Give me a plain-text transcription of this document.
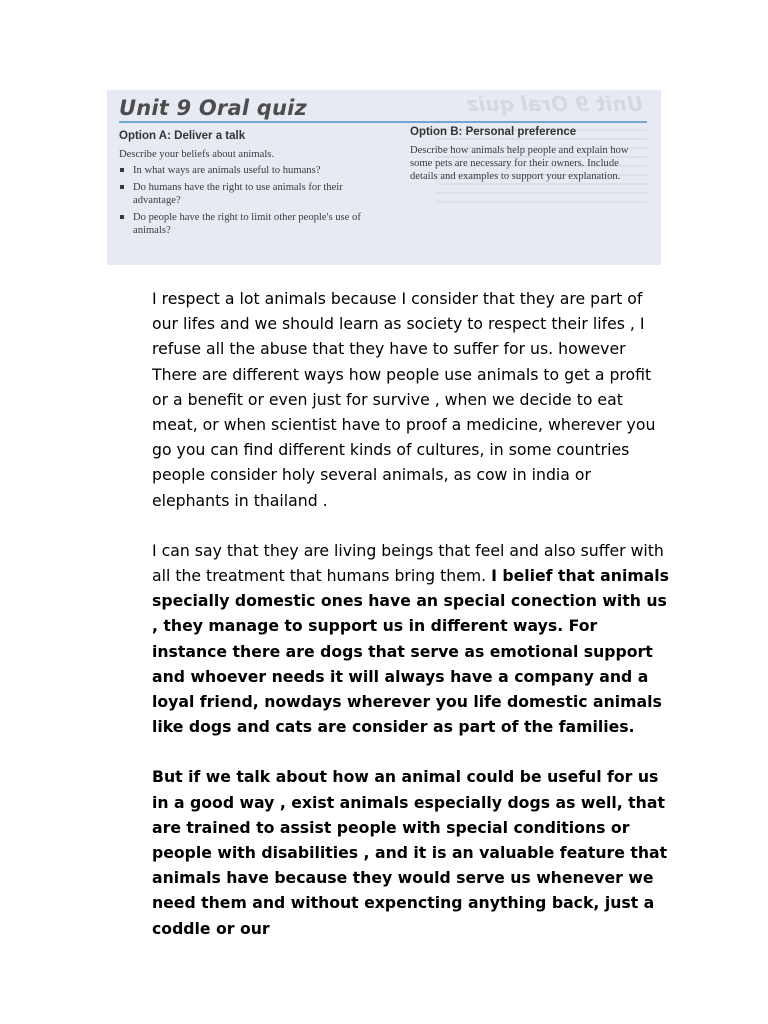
Unit 9 Oral quiz
Unit 9 Oral quiz
Option A: Deliver a talk

Describe your beliefs about animals.

In what ways are animals useful to humans?
Do humans have the right to use animals for their advantage?
Do people have the right to limit other people's use of animals?
Option B: Personal preference

Describe how animals help people and explain how some pets are necessary for their owners. Include details and examples to support your explanation.

I respect a lot animals because I consider that they are part of our lifes and we should learn as society to respect their lifes , I refuse all the abuse that they have to suffer for us. however There are different ways how people use animals to get a profit or a benefit or even just for survive , when we decide to eat meat, or when scientist have to proof a medicine, wherever you go you can find different kinds of cultures, in some countries people consider holy several animals, as cow in india or elephants in thailand .

I can say that they are living beings that feel and also suffer with all the treatment that humans bring them. I belief that animals specially domestic ones have an special conection with us , they manage to support us in different ways. For instance there are dogs that serve as emotional support and whoever needs it will always have a company and a loyal friend, nowdays wherever you life domestic animals like dogs and cats are consider as part of the families.

But if we talk about how an animal could be useful for us in a good way , exist animals especially dogs as well, that are trained to assist people with special conditions or people with disabilities , and it is an valuable feature that animals have because they would serve us whenever we need them and without expencting anything back, just a coddle or our
